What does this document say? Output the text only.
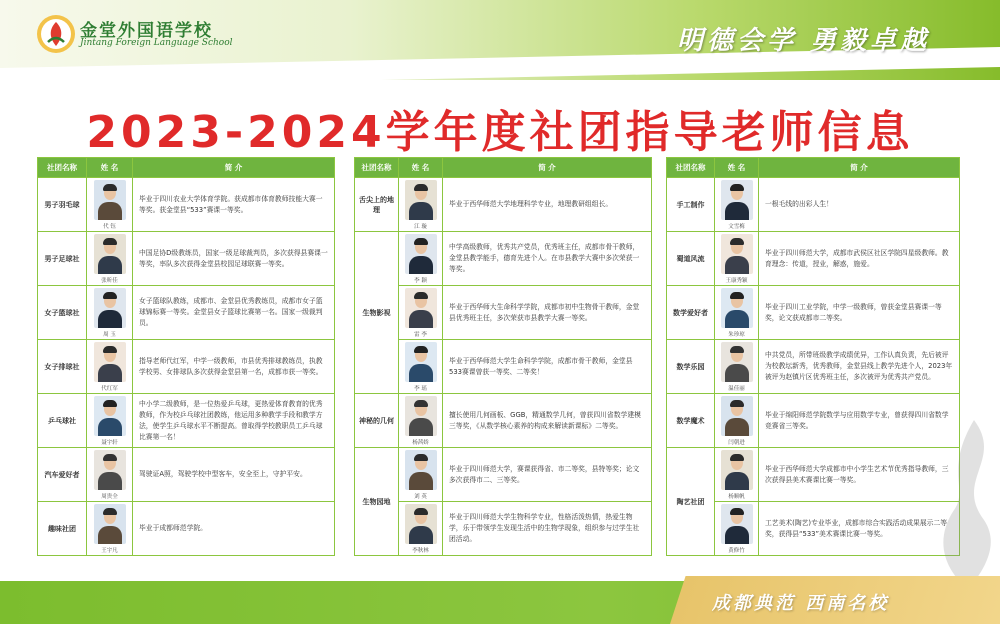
金堂外国语学校
Jintang Foreign Language School	明德会学 勇毅卓越
2023-2024学年度社团指导老师信息
社团名称	姓 名	简 介
男子羽毛球	代 钰	毕业于四川农业大学体育学院。获成都市体育教师技能大赛一等奖。获金堂县“533”赛课一等奖。
男子足球社	张昕佳	中国足协D级教练员，国家一级足球裁判员，多次获得县赛课一等奖，率队多次获得金堂县校园足球联赛一等奖。
女子篮球社	周 玉	女子篮球队教练，成都市、金堂县优秀教练员，成都市女子篮球锦标赛一等奖。金堂县女子篮球比赛第一名。国家一级裁判员。
女子排球社	代红军	指导老师代红军，中学一级教师，市县优秀排球教练员，执教学校男、女排球队多次获得金堂县第一名，成都市获一等奖。
乒乓球社	聂宇轩	中小学二级教师，是一位热爱乒乓球，更热爱体育教育的优秀教师，作为校乒乓球社团教练，他运用多种教学手段和教学方法，使学生乒乓球水平不断提高。曾取得学校教职员工乒乓球比赛第一名！
汽车爱好者	周贵全	驾驶证A照，驾驶学校中型客车，安全至上，守护平安。
趣味社团	王宇凡	毕业于成都师范学院。
社团名称	姓 名	简 介
舌尖上的地理	江 璇	毕业于西华师范大学地理科学专业，地理教研组组长。
生物影视	李 颖	中学高级教师，优秀共产党员，优秀班主任，成都市骨干教师，金堂县教学能手，德育先进个人。在市县教学大赛中多次荣获一等奖。

	雷 李	毕业于西华师大生命科学学院，成都市初中生物骨干教师，金堂县优秀班主任，多次荣获市县教学大赛一等奖。

	李 瑶	毕业于西华师范大学生命科学学院，成都市骨干教师，金堂县533赛课曾获一等奖、二等奖！
神秘的几何	杨茜娇	擅长使用几何画板、GGB，精通数学几何，曾获四川省数学建模三等奖，《从数学核心素养的构成来解读新课标》二等奖。
生物园地	刘 英	毕业于四川师范大学，赛课获得省、市二等奖，县特等奖；论文多次获得市二、三等奖。

	李秋林	毕业于四川师范大学生物科学专业，性格活泼热情，热爱生物学，乐于带领学生发现生活中的生物学现象，组织参与过学生社团活动。
社团名称	姓 名	简 介
手工制作	文雪梅	一根毛线的出彩人生！
蜀道风流	王康秀颖	毕业于四川师范大学，成都市武侯区社区学院四星级教师。教育理念：传道，授业，解惑，施爱。
数学爱好者	朱珍琼	毕业于四川工业学院，中学一级教师，曾获金堂县赛课一等奖，论文获成都市二等奖。
数学乐园	温佳丽	中共党员，所带班级教学成绩优异，工作认真负责，先后被评为校教坛新秀，优秀教师，金堂县线上教学先进个人，2023年被评为赵镇片区优秀班主任，多次被评为优秀共产党员。
数学魔术	闫朝进	毕业于绵阳师范学院数学与应用数学专业，曾获得四川省数学竞赛省三等奖。
陶艺社团	杨顺帆	毕业于西华师范大学成都市中小学生艺术节优秀指导教师，三次获得县美术赛课比赛一等奖。

	黄修竹	工艺美术(陶艺)专业毕业，成都市综合实践活动成果展示二等奖，获得县“533”美术赛课比赛一等奖。
成都典范 西南名校
